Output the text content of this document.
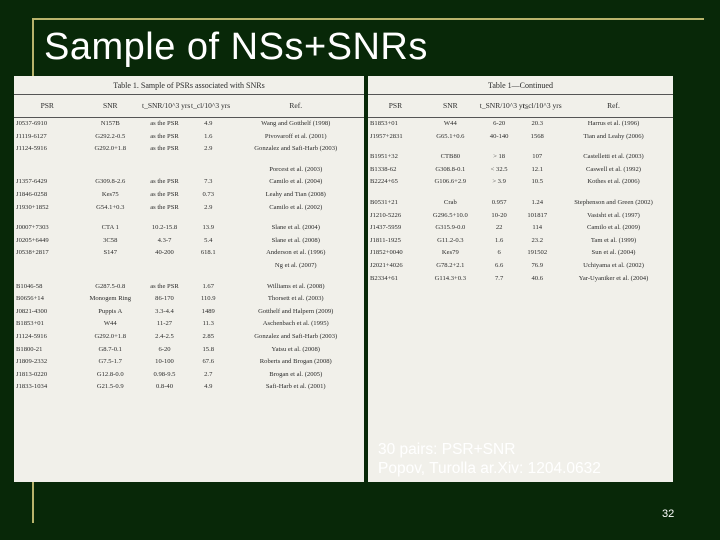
Sample of NSs+SNRs
Table 1. Sample of PSRs associated with SNRs
PSR	SNR	t_SNR/10^3 yrs	t_cl/10^3 yrs	Ref.
J0537-6910	N157B	as the PSR	4.9	Wang and Gotthelf (1998)
J1119-6127	G292.2-0.5	as the PSR	1.6	Pivovaroff et al. (2001)
J1124-5916	G292.0+1.8	as the PSR	2.9	Gonzalez and Safi-Harb (2003)

				Porcest et al. (2003)
J1357-6429	G309.8-2.6	as the PSR	7.3	Camilo et al. (2004)
J1846-0258	Kes75	as the PSR	0.73	Leahy and Tian (2008)
J1930+1852	G54.1+0.3	as the PSR	2.9	Camilo et al. (2002)

J0007+7303	CTA 1	10.2-15.8	13.9	Slane et al. (2004)
J0205+6449	3C58	4.3-7	5.4	Slane et al. (2008)
J0538+2817	S147	40-200	618.1	Anderson et al. (1996)
				Ng et al. (2007)

B1046-58	G287.5-0.8	as the PSR	1.67	Williams et al. (2008)
B0656+14	Monogem Ring	86-170	110.9	Thorsett et al. (2003)
J0821-4300	Puppis A	3.3-4.4	1489	Gotthelf and Halpern (2009)
B1853+01	W44	11-27	11.3	Aschenbach et al. (1995)
J1124-5916	G292.0+1.8	2.4-2.5	2.85	Gonzalez and Safi-Harb (2003)
B1800-21	G8.7-0.1	6-20	15.8	Yatsu et al. (2008)
J1809-2332	G7.5-1.7	10-100	67.6	Roberts and Brogan (2008)
J1813-0220	G12.8-0.0	0.98-9.5	2.7	Brogan et al. (2005)
J1833-1034	G21.5-0.9	0.8-40	4.9	Safi-Harb et al. (2001)
Table 1—Continued
PSR	SNR	t_SNR/10^3 yrs	t_cl/10^3 yrs	Ref.
B1853+01	W44	6-20	20.3	Harrus et al. (1996)
J1957+2831	G65.1+0.6	40-140	1568	Tian and Leahy (2006)

B1951+32	CTB80	> 18	107	Castelletti et al. (2003)
B1338-62	G308.8-0.1	< 32.5	12.1	Caswell et al. (1992)
B2224+65	G106.6+2.9	> 3.9	10.5	Kothes et al. (2006)

B0531+21	Crab	0.957	1.24	Stephenson and Green (2002)
J1210-5226	G296.5+10.0	10-20	101817	Vasisht et al. (1997)
J1437-5959	G315.9-0.0	22	114	Camilo et al. (2009)
J1811-1925	G11.2-0.3	1.6	23.2	Tam et al. (1999)
J1852+0040	Kes79	6	191502	Sun et al. (2004)
J2021+4026	G78.2+2.1	6.6	76.9	Uchiyama et al. (2002)
B2334+61	G114.3+0.3	7.7	40.6	Yar-Uyaniker et al. (2004)
30 pairs: PSR+SNR
Popov, Turolla ar.Xiv: 1204.0632
32
